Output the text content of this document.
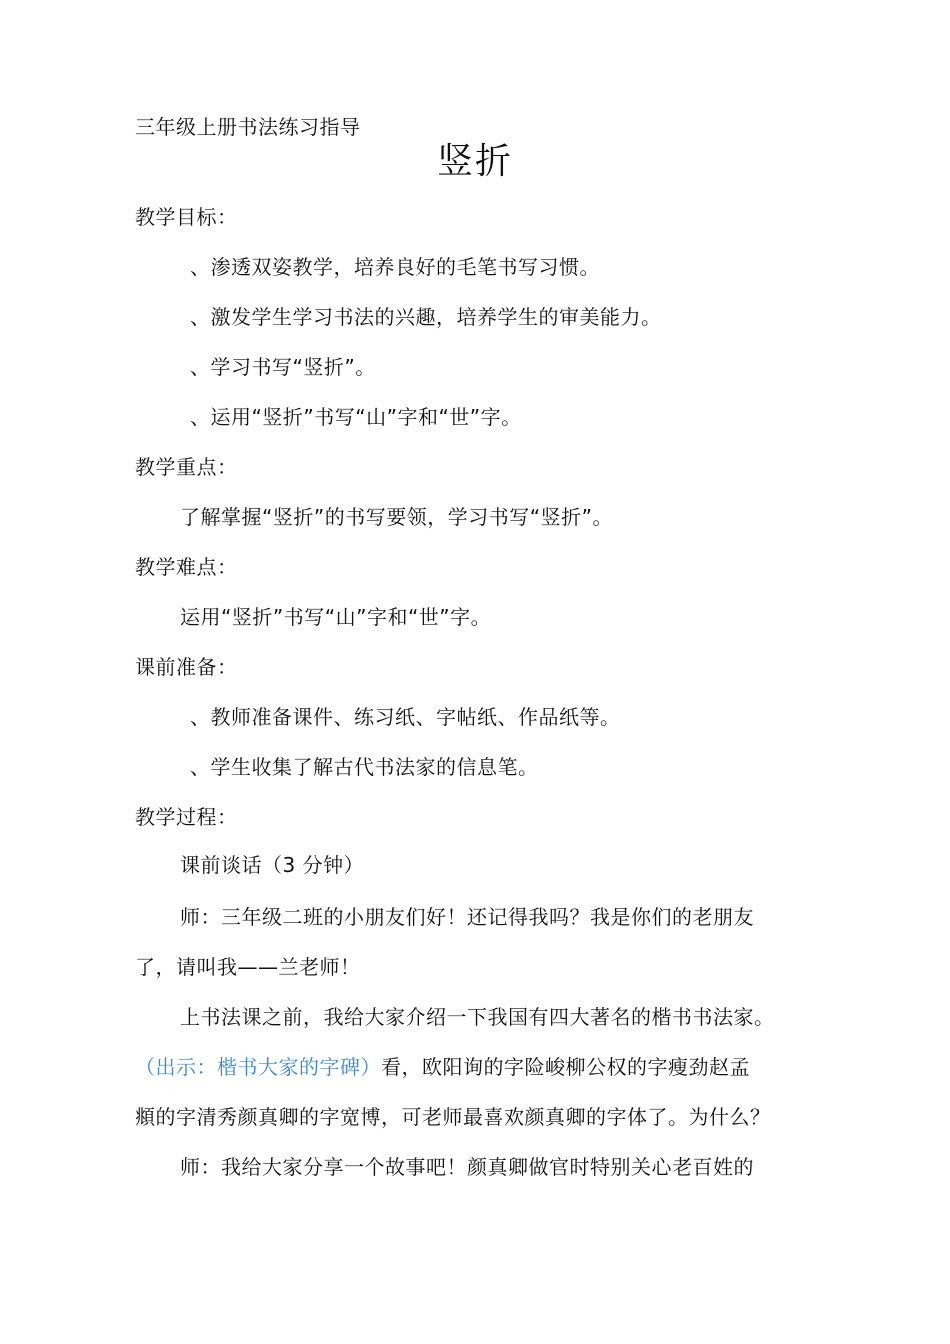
三年级上册书法练习指导
竖折
教学目标：
、渗透双姿教学，培养良好的毛笔书写习惯。
、激发学生学习书法的兴趣，培养学生的审美能力。
、学习书写“竖折”。
、运用“竖折”书写“山”字和“世”字。
教学重点：
了解掌握“竖折”的书写要领，学习书写“竖折”。
教学难点：
运用“竖折”书写“山”字和“世”字。
课前准备：
、教师准备课件、练习纸、字帖纸、作品纸等。
、学生收集了解古代书法家的信息笔。
教学过程：
课前谈话（3 分钟）
师：三年级二班的小朋友们好！还记得我吗？我是你们的老朋友
了，请叫我——兰老师！
上书法课之前，我给大家介绍一下我国有四大著名的楷书书法家。
（出示：楷书大家的字碑）看，欧阳询的字险峻柳公权的字瘦劲赵孟
頫的字清秀颜真卿的字宽博，可老师最喜欢颜真卿的字体了。为什么？
师：我给大家分享一个故事吧！颜真卿做官时特别关心老百姓的
